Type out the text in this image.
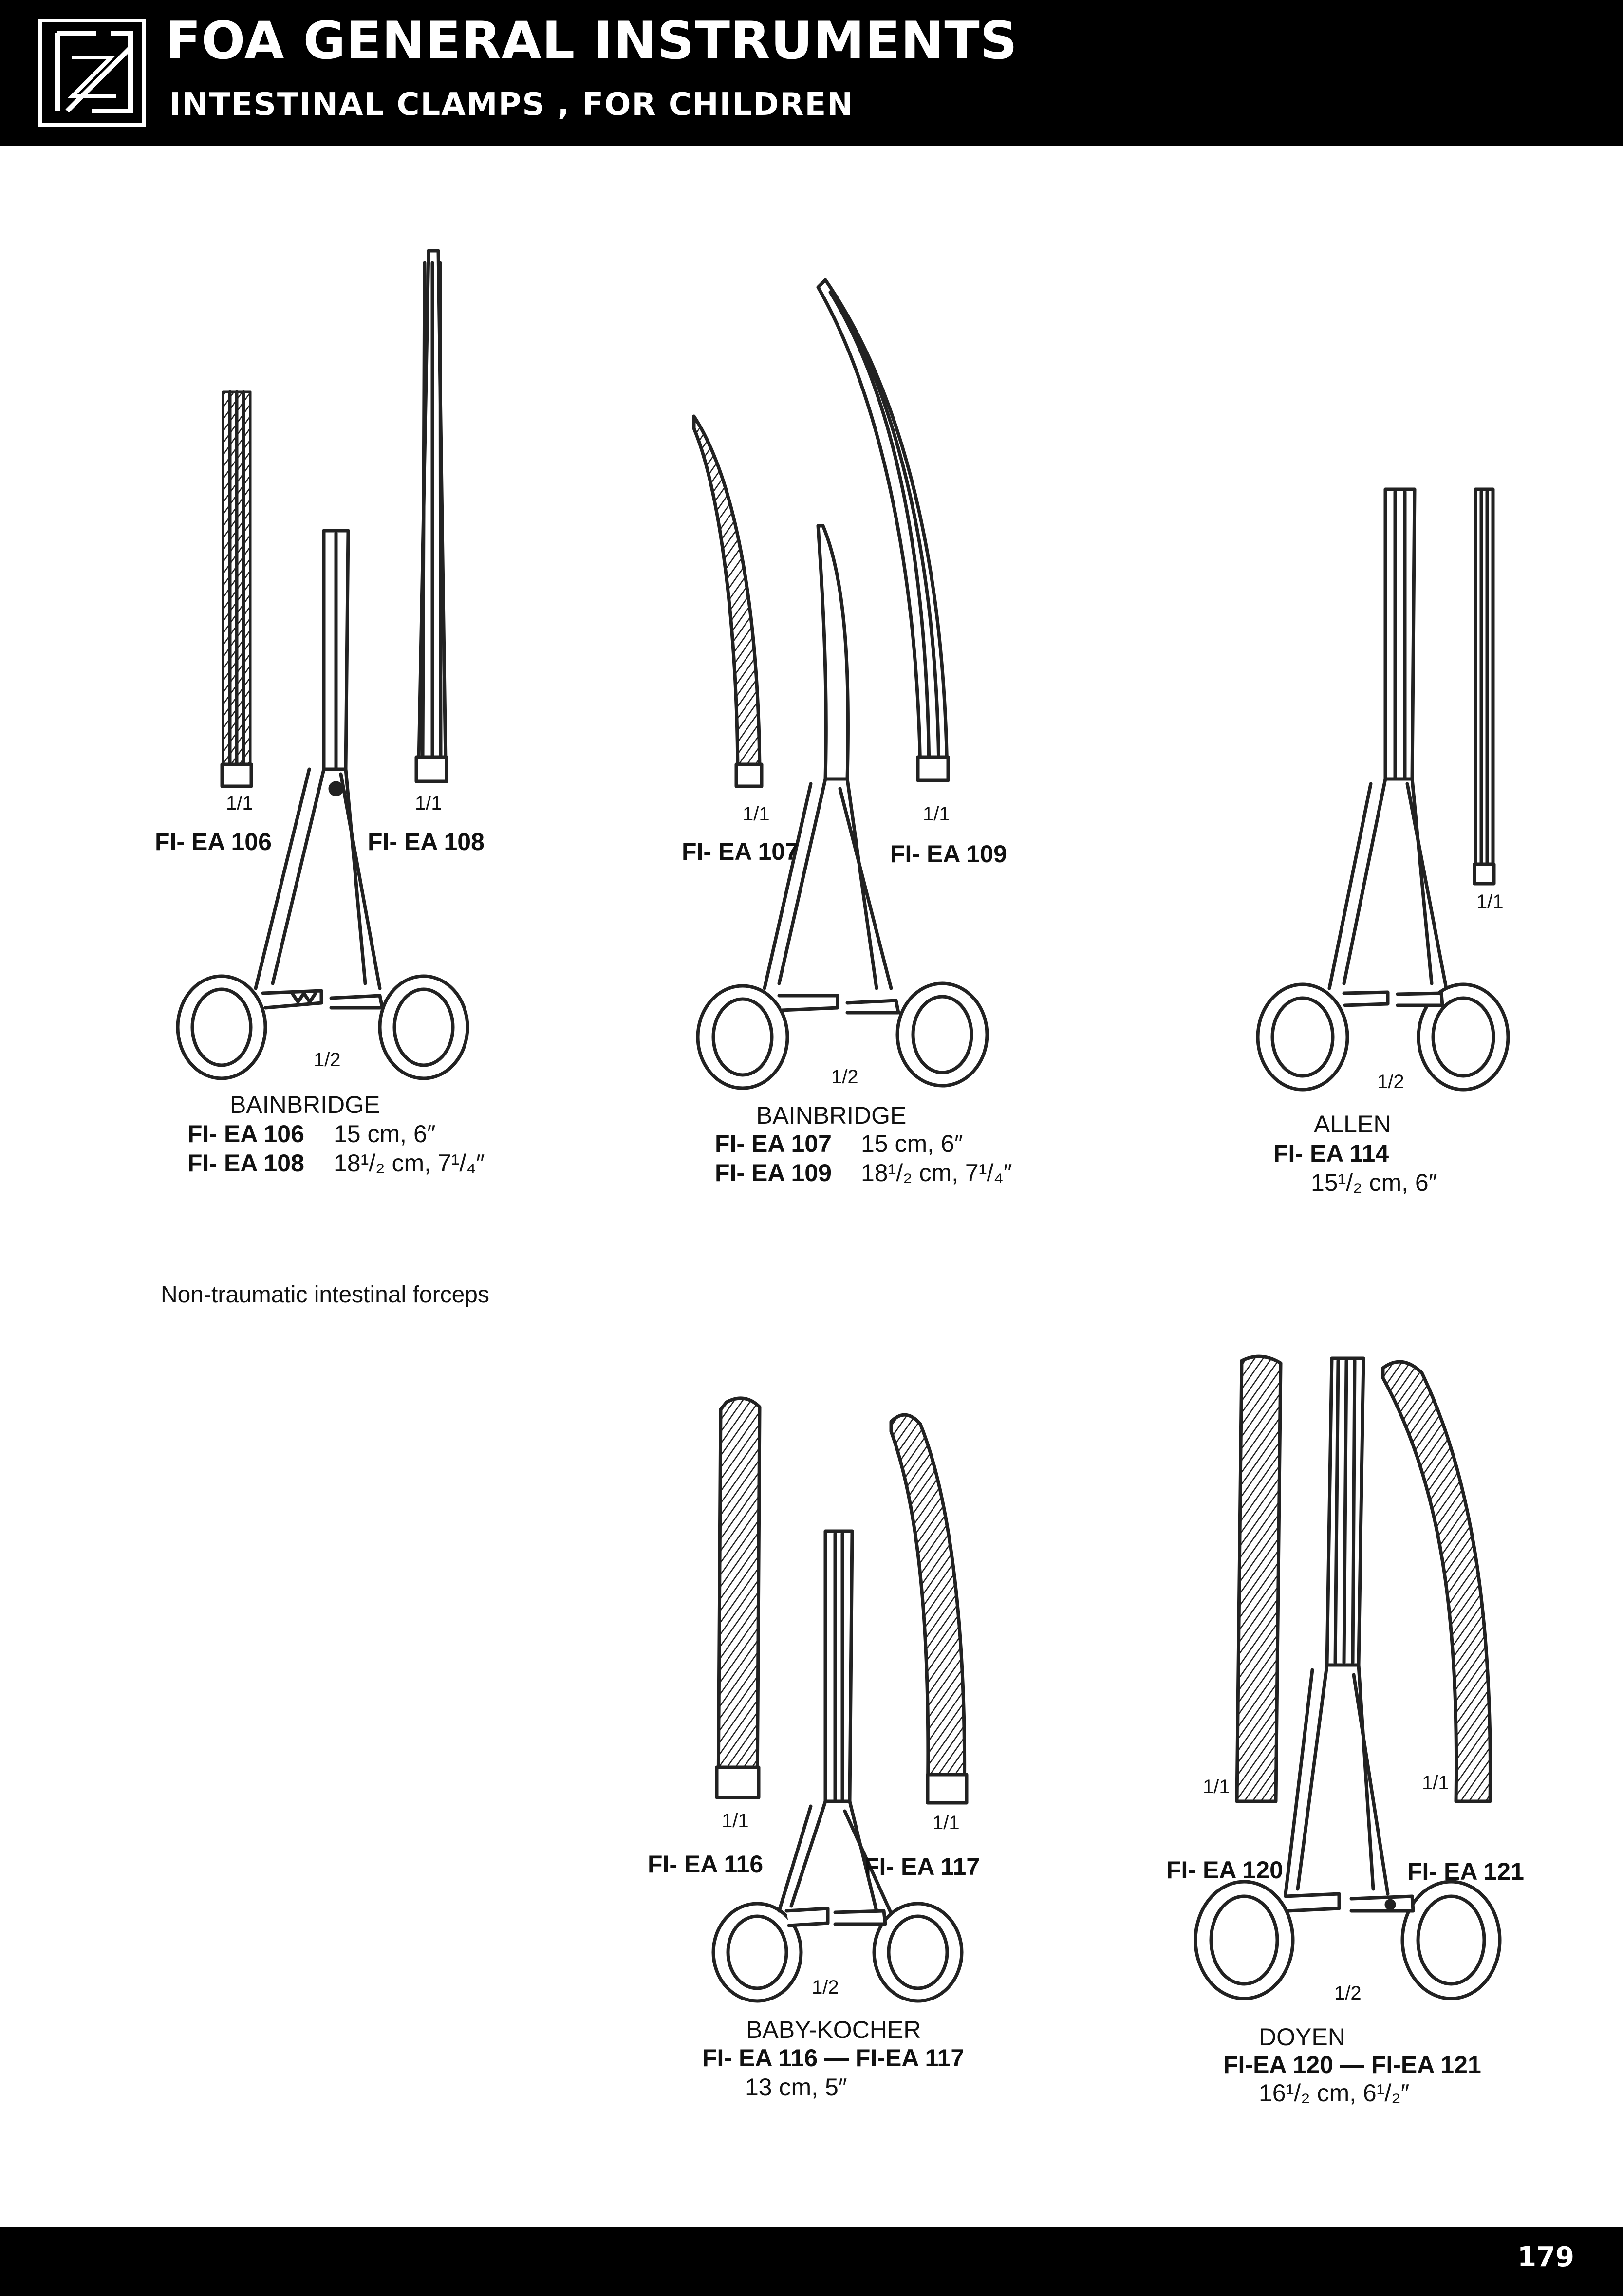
FOA GENERAL INSTRUMENTS
INTESTINAL CLAMPS , FOR CHILDREN
1/1
FI- EA 106
1/1
FI- EA 108
1/2
BAINBRIDGE
FI- EA 106 15 cm, 6″
FI- EA 108 18¹/₂ cm, 7¹/₄″
1/1
FI- EA 107
1/1
FI- EA 109
1/2
BAINBRIDGE
FI- EA 107 15 cm, 6″
FI- EA 109 18¹/₂ cm, 7¹/₄″
1/1
1/2
ALLEN
FI- EA 114
15¹/₂ cm, 6″
Non-traumatic intestinal forceps
1/1
FI- EA 116
1/1
FI- EA 117
1/2
BABY-KOCHER
FI- EA 116 — FI-EA 117
13 cm, 5″
1/1
FI- EA 120
1/1
FI- EA 121
1/2
DOYEN
FI-EA 120 — FI-EA 121
16¹/₂ cm, 6¹/₂″
179
